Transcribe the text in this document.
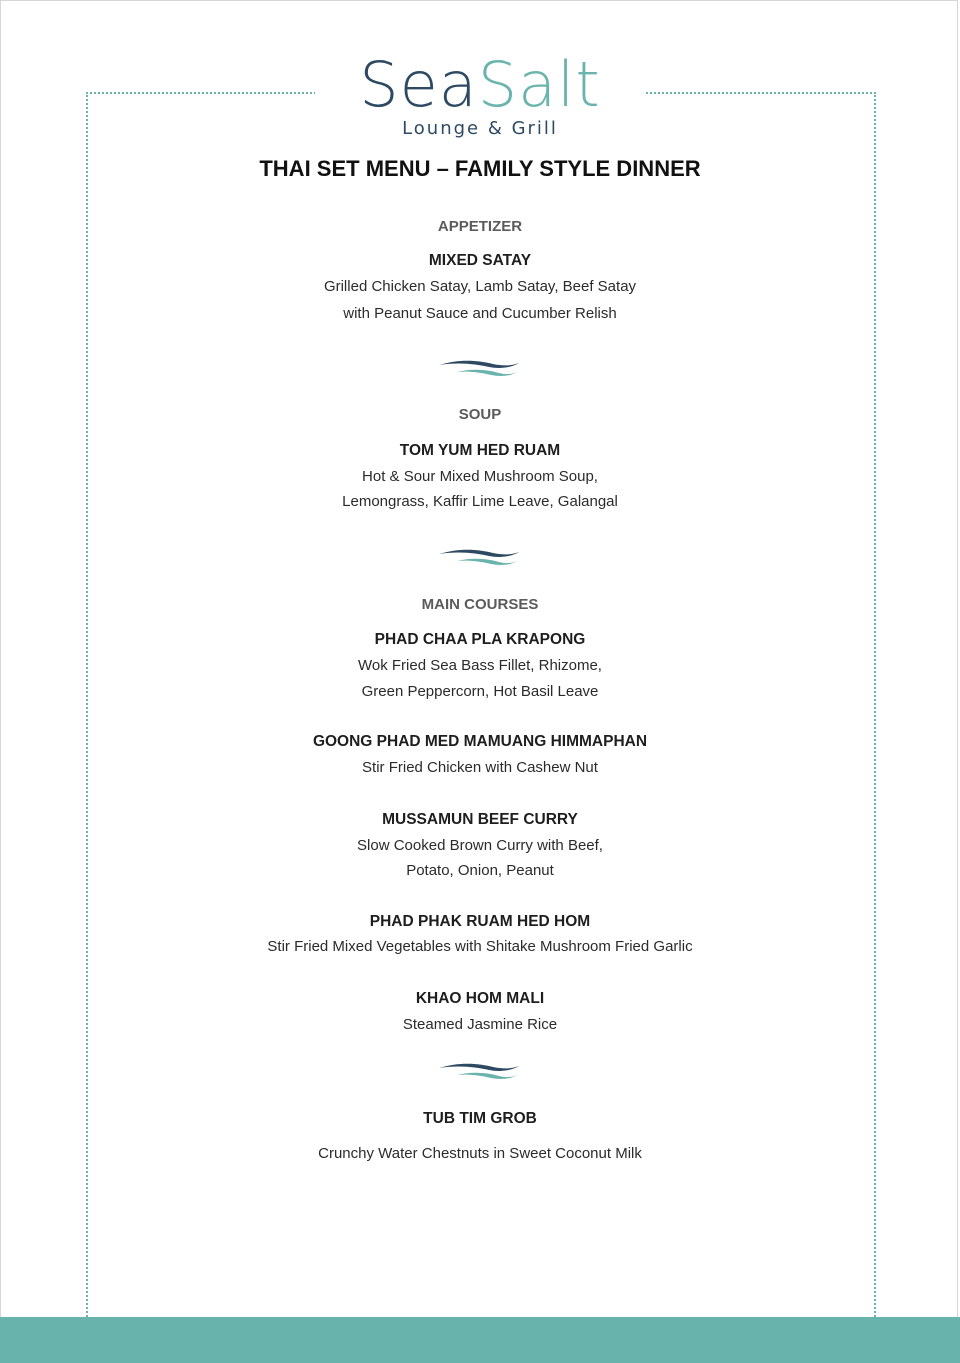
SeaSalt
Lounge & Grill
THAI SET MENU – FAMILY STYLE DINNER
APPETIZER
MIXED SATAY
Grilled Chicken Satay, Lamb Satay, Beef Satay
with Peanut Sauce and Cucumber Relish
SOUP
TOM YUM HED RUAM
Hot & Sour Mixed Mushroom Soup,
Lemongrass, Kaffir Lime Leave, Galangal
MAIN COURSES
PHAD CHAA PLA KRAPONG
Wok Fried Sea Bass Fillet, Rhizome,
Green Peppercorn, Hot Basil Leave
GOONG PHAD MED MAMUANG HIMMAPHAN
Stir Fried Chicken with Cashew Nut
MUSSAMUN BEEF CURRY
Slow Cooked Brown Curry with Beef,
Potato, Onion, Peanut
PHAD PHAK RUAM HED HOM
Stir Fried Mixed Vegetables with Shitake Mushroom Fried Garlic
KHAO HOM MALI
Steamed Jasmine Rice
TUB TIM GROB
Crunchy Water Chestnuts in Sweet Coconut Milk
